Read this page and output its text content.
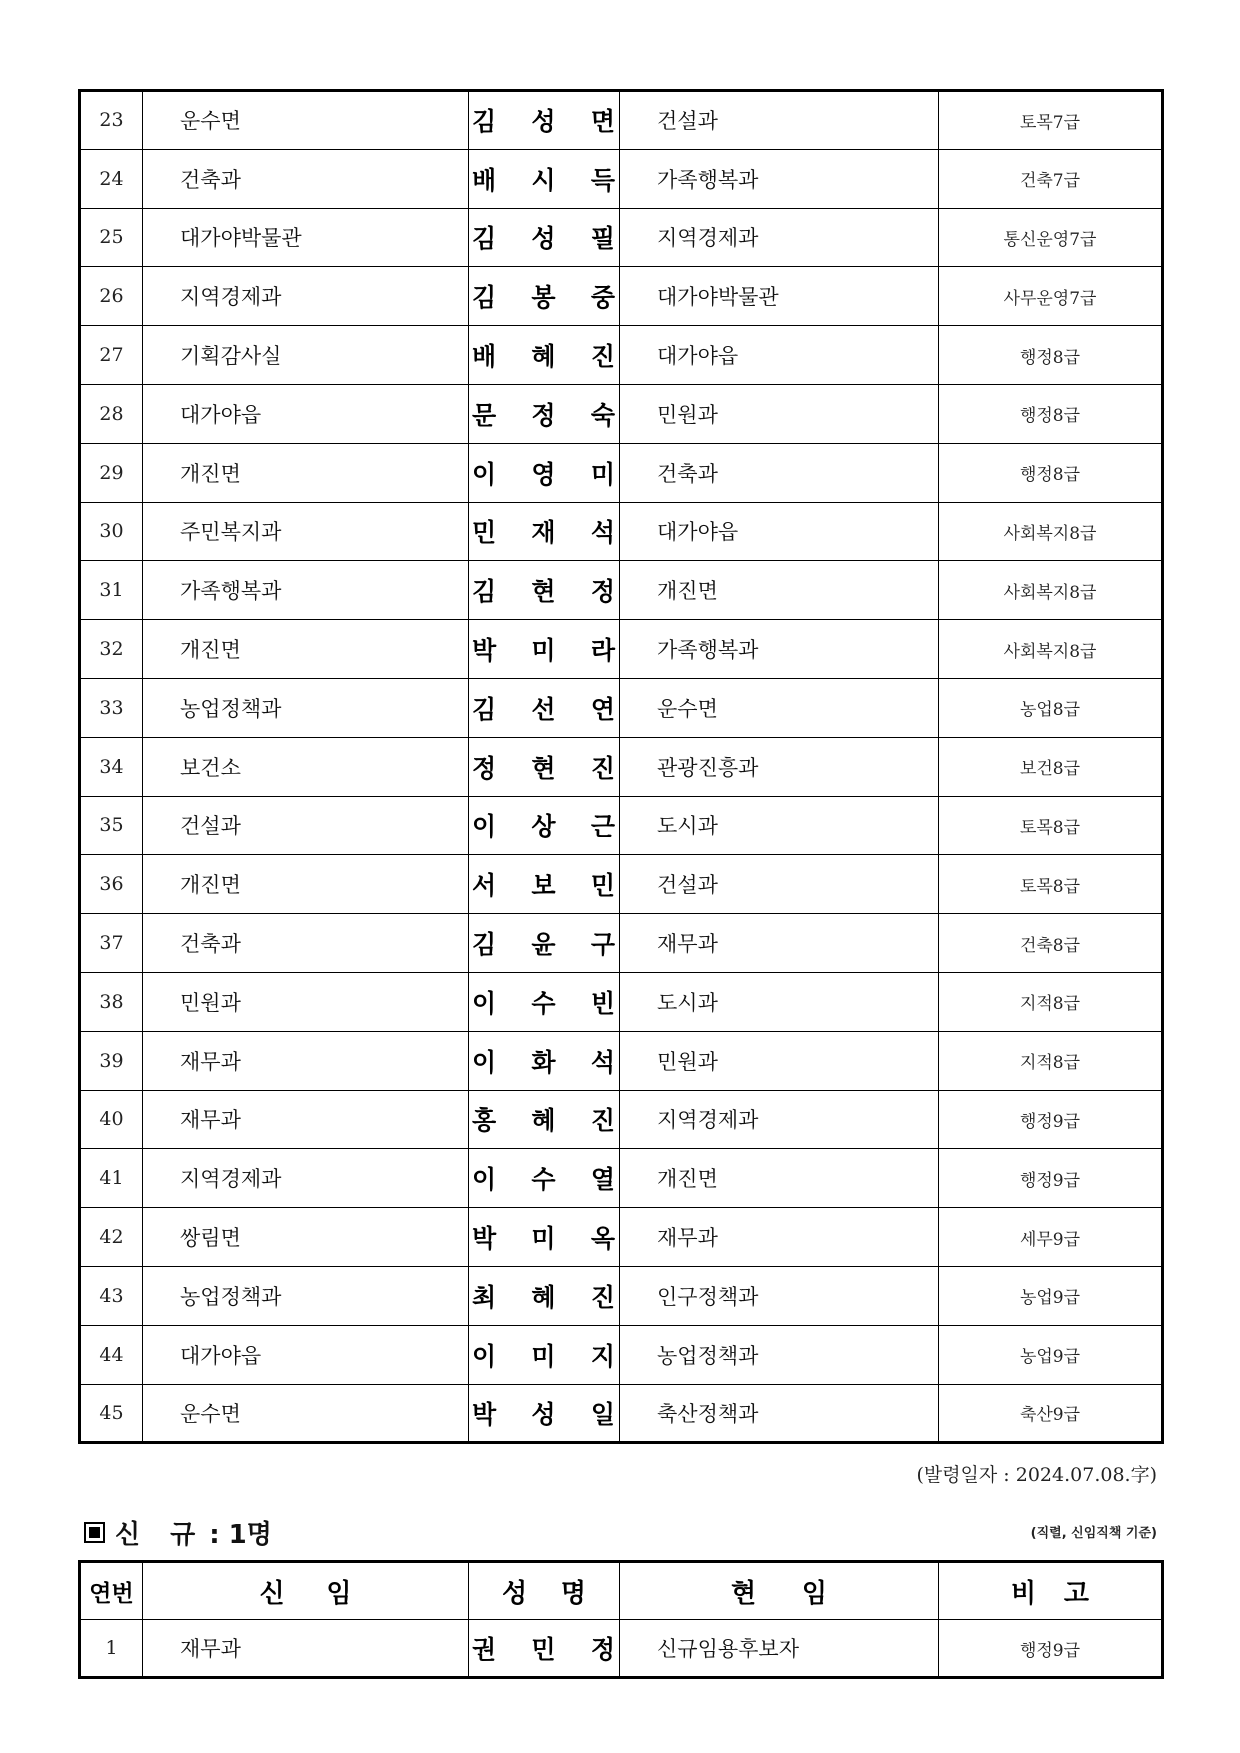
23	운수면	김 성 면	건설과	토목7급
24	건축과	배 시 득	가족행복과	건축7급
25	대가야박물관	김 성 필	지역경제과	통신운영7급
26	지역경제과	김 봉 중	대가야박물관	사무운영7급
27	기획감사실	배 혜 진	대가야읍	행정8급
28	대가야읍	문 정 숙	민원과	행정8급
29	개진면	이 영 미	건축과	행정8급
30	주민복지과	민 재 석	대가야읍	사회복지8급
31	가족행복과	김 현 정	개진면	사회복지8급
32	개진면	박 미 라	가족행복과	사회복지8급
33	농업정책과	김 선 연	운수면	농업8급
34	보건소	정 현 진	관광진흥과	보건8급
35	건설과	이 상 근	도시과	토목8급
36	개진면	서 보 민	건설과	토목8급
37	건축과	김 윤 구	재무과	건축8급
38	민원과	이 수 빈	도시과	지적8급
39	재무과	이 화 석	민원과	지적8급
40	재무과	홍 혜 진	지역경제과	행정9급
41	지역경제과	이 수 열	개진면	행정9급
42	쌍림면	박 미 옥	재무과	세무9급
43	농업정책과	최 혜 진	인구정책과	농업9급
44	대가야읍	이 미 지	농업정책과	농업9급
45	운수면	박 성 일	축산정책과	축산9급
(발령일자 : 2024.07.08.字)
신규
: 1명	(직렬, 신임직책 기준)
연번	신 임	성 명	현 임	비 고

1	재무과	권 민 정	신규임용후보자	행정9급
